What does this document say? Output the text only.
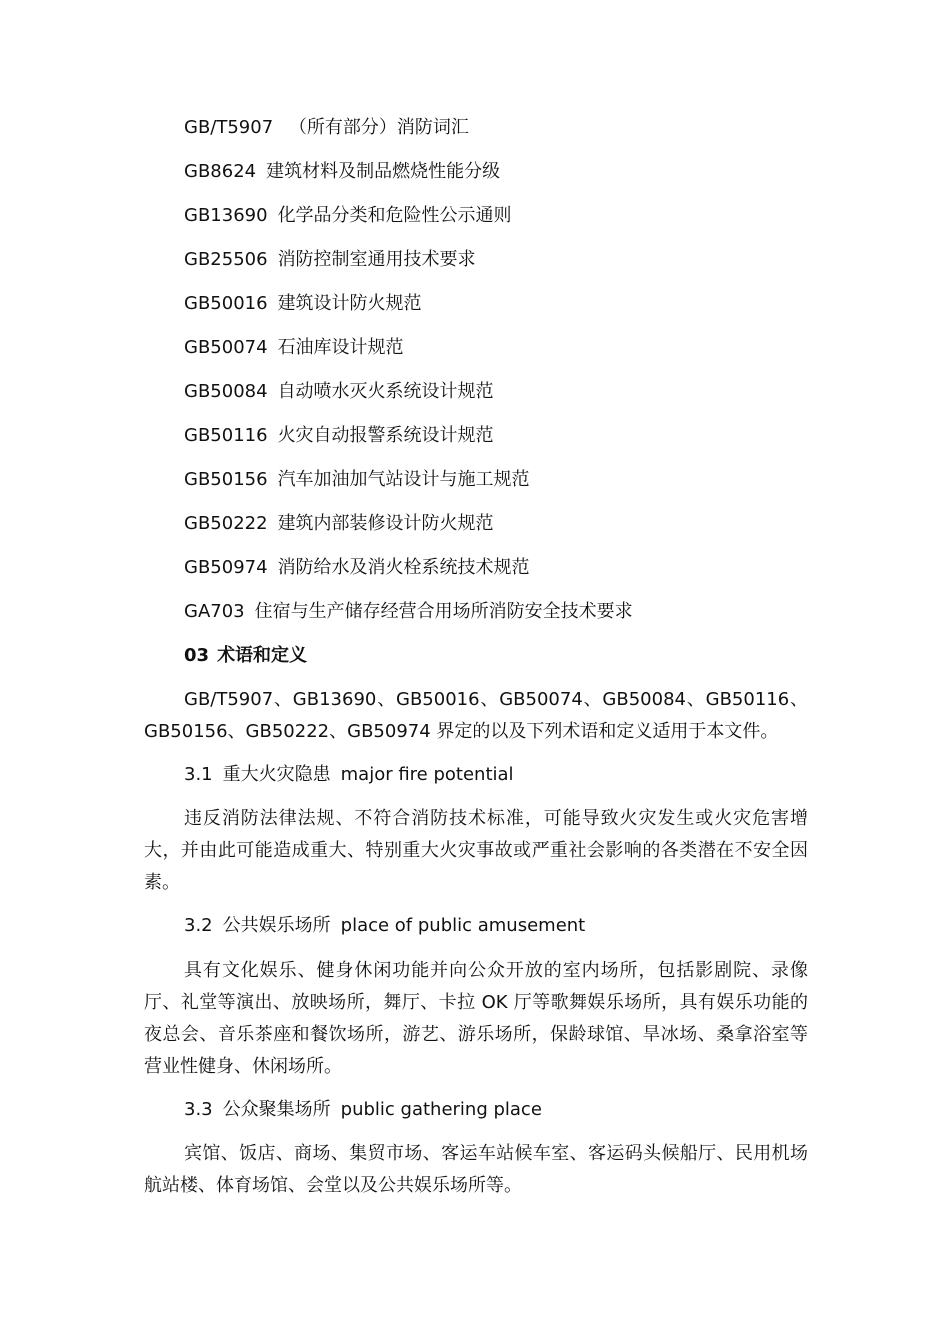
GB/T5907 （所有部分）消防词汇
GB8624 建筑材料及制品燃烧性能分级
GB13690 化学品分类和危险性公示通则
GB25506 消防控制室通用技术要求
GB50016 建筑设计防火规范
GB50074 石油库设计规范
GB50084 自动喷水灭火系统设计规范
GB50116 火灾自动报警系统设计规范
GB50156 汽车加油加气站设计与施工规范
GB50222 建筑内部装修设计防火规范
GB50974 消防给水及消火栓系统技术规范
GA703 住宿与生产储存经营合用场所消防安全技术要求
03 术语和定义
GB/T5907、GB13690、GB50016、GB50074、GB50084、GB50116、GB50156、GB50222、GB50974 界定的以及下列术语和定义适用于本文件。
3.1 重大火灾隐患 major fire potential
违反消防法律法规、不符合消防技术标准，可能导致火灾发生或火灾危害增大，并由此可能造成重大、特别重大火灾事故或严重社会影响的各类潜在不安全因素。
3.2 公共娱乐场所 place of public amusement
具有文化娱乐、健身休闲功能并向公众开放的室内场所，包括影剧院、录像厅、礼堂等演出、放映场所，舞厅、卡拉 OK 厅等歌舞娱乐场所，具有娱乐功能的夜总会、音乐茶座和餐饮场所，游艺、游乐场所，保龄球馆、旱冰场、桑拿浴室等营业性健身、休闲场所。
3.3 公众聚集场所 public gathering place
宾馆、饭店、商场、集贸市场、客运车站候车室、客运码头候船厅、民用机场航站楼、体育场馆、会堂以及公共娱乐场所等。
